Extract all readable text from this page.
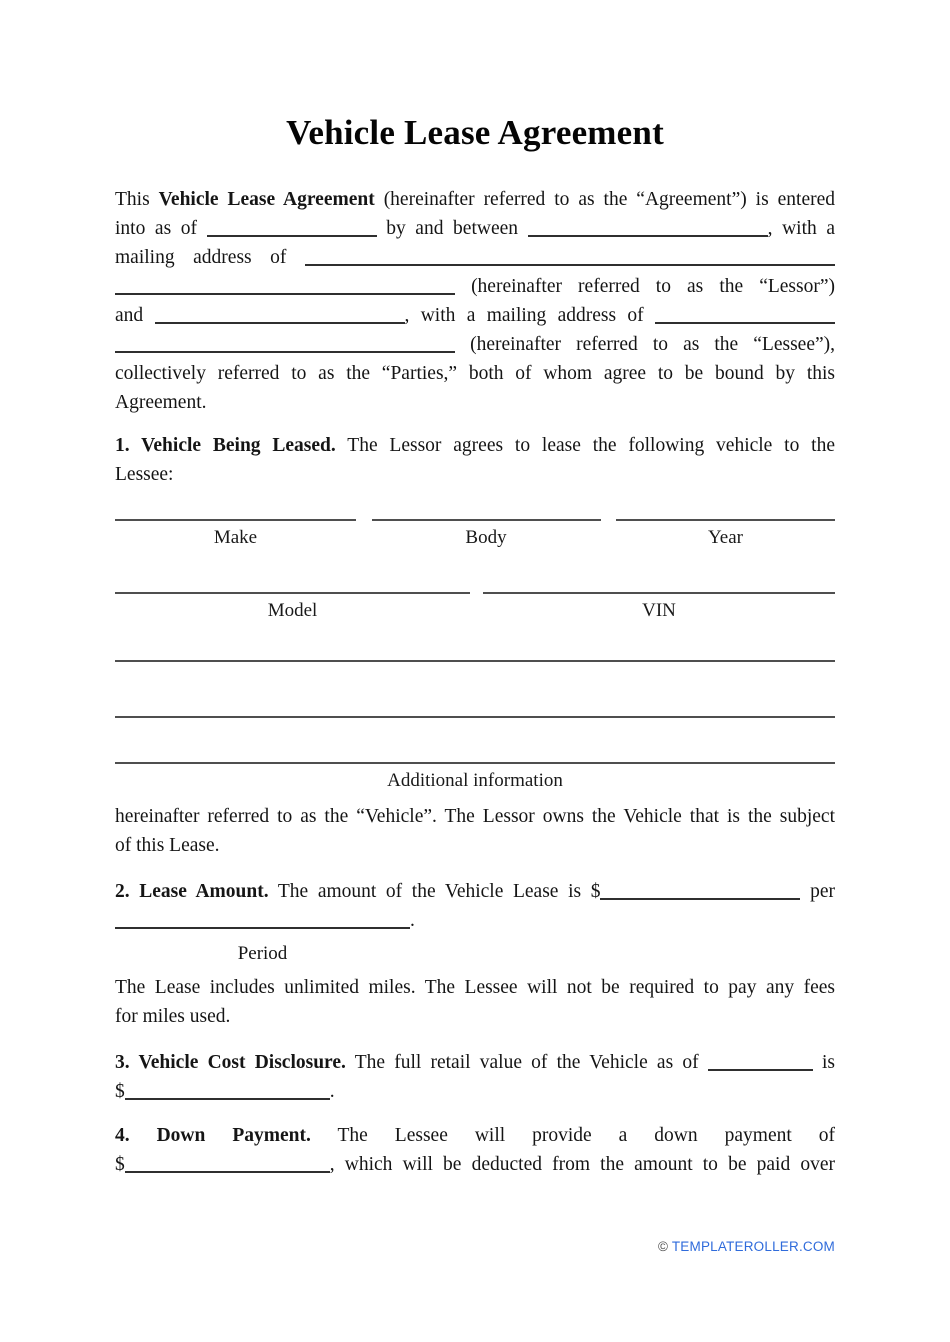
Vehicle Lease Agreement
This Vehicle Lease Agreement (hereinafter referred to as the “Agreement”) is entered
into as of	by and between	, with a
mailing address of
(hereinafter referred to as the “Lessor”)
and	, with a mailing address of
(hereinafter referred to as the “Lessee”),
collectively referred to as the “Parties,” both of whom agree to be bound by this
Agreement.
1. Vehicle Being Leased. The Lessor agrees to lease the following vehicle to the
Lessee:
Make	Body	Year
Model	VIN
Additional information
hereinafter referred to as the “Vehicle”. The Lessor owns the Vehicle that is the subject
of this Lease.
2. Lease Amount. The amount of the Vehicle Lease is $	per
.
Period
The Lease includes unlimited miles. The Lessee will not be required to pay any fees
for miles used.
3. Vehicle Cost Disclosure. The full retail value of the Vehicle as of	is
$	.
4. Down Payment. The Lessee will provide a down payment of
$	, which will be deducted from the amount to be paid over
© TEMPLATEROLLER.COM
